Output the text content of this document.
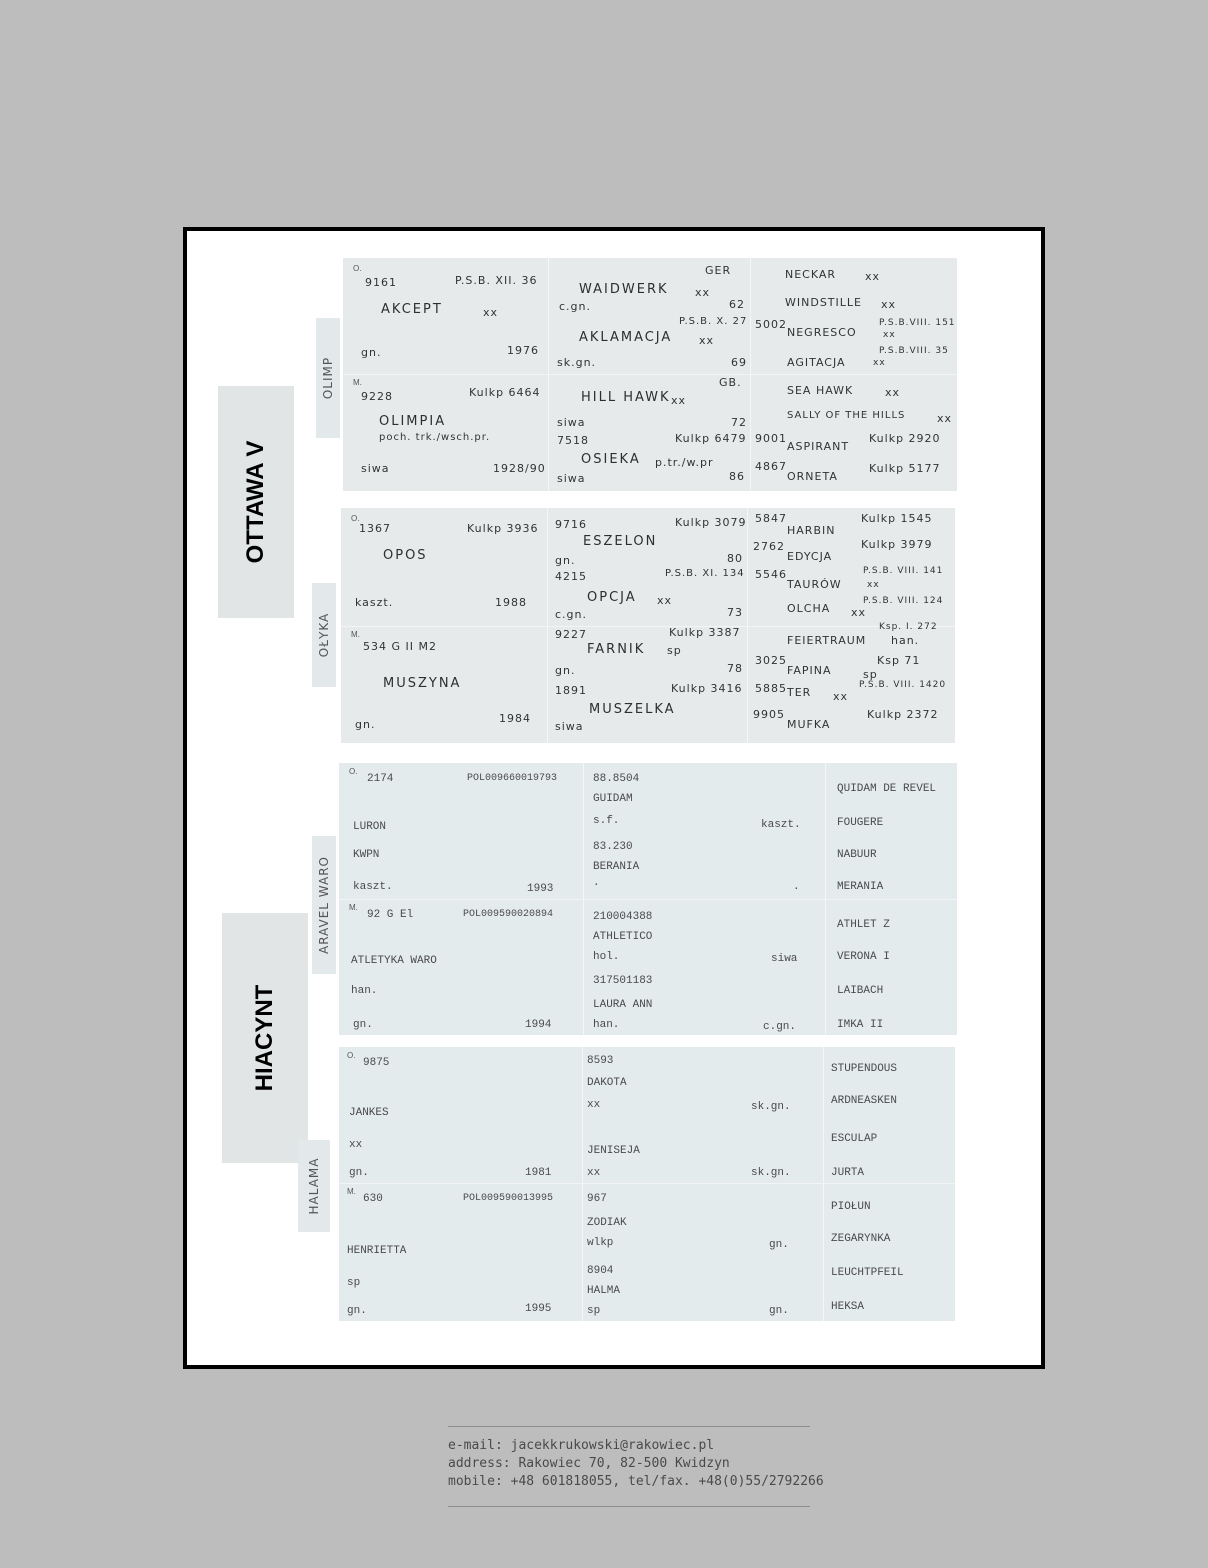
OTTAWA V
OLIMP
O.
9161	P.S.B. XII. 36
AKCEPT	xx
gn.	1976
M.
9228	Kulkp 6464
OLIMPIA
poch. trk./wsch.pr.
siwa	1928/90
GER
WAIDWERK xx
c.gn.	62
P.S.B. X. 27
AKLAMACJA xx
sk.gn.	69
GB.
HILL HAWK xx
siwa	72
7518	Kulkp 6479
OSIEKA p.tr./w.pr
siwa	86
NECKAR	xx
WINDSTILLE xx
5002
NEGRESCO
P.S.B.VIII. 151
xx
AGITACJA
P.S.B.VIII. 35
xx
SEA HAWK	xx
SALLY OF THE HILLS	xx
9001
ASPIRANT
Kulkp 2920
4867
ORNETA
Kulkp 5177
OŁYKA
O.
1367	Kulkp 3936
OPOS
kaszt.	1988
M.
534 G II M2
MUSZYNA
gn.	1984
9716	Kulkp 3079
ESZELON
gn.	80
4215	P.S.B. XI. 134
OPCJA xx
c.gn.	73
9227	Kulkp 3387
FARNIK sp
gn.	78
1891	Kulkp 3416
MUSZELKA
siwa
5847
HARBIN
Kulkp 1545
2762
EDYCJA
Kulkp 3979
5546
TAURÓW
P.S.B. VIII. 141
xx
OLCHA xx
P.S.B. VIII. 124
FEIERTRAUM
Ksp. I. 272
han.
3025
FAPINA	sp
Ksp 71
5885 TER xx
P.S.B. VIII. 1420
9905
MUFKA
Kulkp 2372
HIACYNT
ARAVEL WARO
O.
2174	POL009660019793
LURON
KWPN
kaszt.	1993
M.
92 G El	POL009590020894
ATLETYKA WARO
han.
gn.	1994
88.8504
GUIDAM
s.f.	kaszt.
83.230
BERANIA
.	.
210004388
ATHLETICO
hol.	siwa
317501183
LAURA ANN
han.	c.gn.
QUIDAM DE REVEL
FOUGERE
NABUUR
MERANIA
ATHLET Z
VERONA I
LAIBACH
IMKA II
HALAMA
O.
9875
JANKES
xx
gn.	1981
M.
630	POL009590013995
HENRIETTA
sp
gn.	1995
8593
DAKOTA
xx	sk.gn.
JENISEJA
xx	sk.gn.
967
ZODIAK
wlkp	gn.
8904
HALMA
sp	gn.
STUPENDOUS
ARDNEASKEN
ESCULAP
JURTA
PIOŁUN
ZEGARYNKA
LEUCHTPFEIL
HEKSA
e-mail: jacekkrukowski@rakowiec.pl
address: Rakowiec 70, 82-500 Kwidzyn
mobile: +48 601818055, tel/fax. +48(0)55/2792266
